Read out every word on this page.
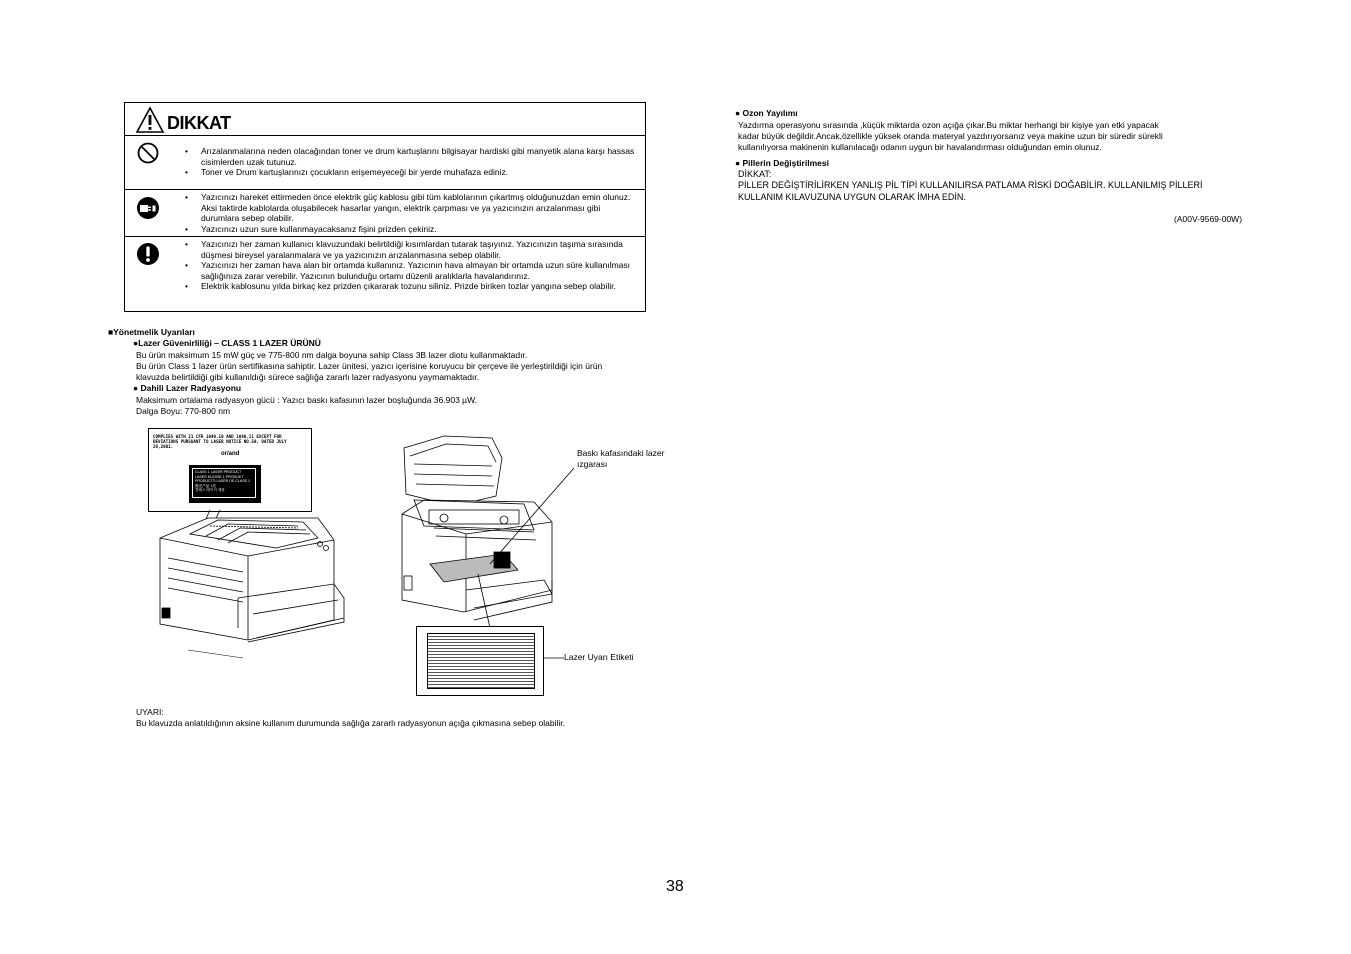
DIKKAT
• Arızalanmalarına neden olacağından toner ve drum kartuşlarını bilgisayar hardiski gibi manyetik alana karşı hassas cisimlerden uzak tutunuz.
• Toner ve Drum kartuşlarınızı çocukların erişemeyeceği bir yerde muhafaza ediniz.
• Yazıcınızı hareket ettirmeden önce elektrik güç kablosu gibi tüm kablolarının çıkartmış olduğunuzdan emin olunuz. Aksi taktirde kablolarda oluşabilecek hasarlar yangın, elektrik çarpması ve ya yazıcınızın arızalanması gibi durumlara sebep olabilir.
• Yazıcınızı uzun sure kullanmayacaksanız fişini prizden çekiniz.
• Yazıcınızı her zaman kullanıcı klavuzundaki belirtildiği kısımlardan tutarak taşıyınız. Yazıcınızın taşıma sırasında düşmesi bireysel yaralanmalara ve ya yazıcınızın arızalanmasına sebep olabilir.
• Yazıcınızı her zaman hava alan bir ortamda kullanınız. Yazıcının hava almayan bir ortamda uzun süre kullanılması sağlığınıza zarar verebilir. Yazıcının bulunduğu ortamı düzenli aralıklarla havalandırınız.
• Elektrik kablosunu yılda birkaç kez prizden çıkararak tozunu siliniz. Prizde biriken tozlar yangına sebep olabilir.
■Yönetmelik Uyarıları
●Lazer Güvenirliliği – CLASS 1 LAZER ÜRÜNÜ
Bu ürün maksimum 15 mW güç ve 775-800 nm dalga boyuna sahip Class 3B lazer diotu kullanmaktadır.
Bu ürün Class 1 lazer ürün sertifikasına sahiptir. Lazer ünitesi, yazıcı içerisine koruyucu bir çerçeve ile yerleştirildiği için ürün
klavuzda belirtildiği gibi kullanıldığı sürece sağlığa zararlı lazer radyasyonu yaymamaktadır.
● Dahili Lazer Radyasyonu
Maksimum ortalama radyasyon gücü : Yazıcı baskı kafasının lazer boşluğunda 36.903 µW.
Dalga Boyu: 770-800 nm
COMPLIES WITH 21 CFR 1040.10 AND 1040.11 EXCEPT FOR DEVIATIONS PURSUANT TO LASER NOTICE NO.50, DATED JULY 26,2001.
or/and
CLASS 1 LASER PRODUCT
LASER KLASSE 1 PRODUKT
PRODUCTO LASER DE CLASE 1
激光产品 1类
클래스 레이저 제품
Baskı kafasındaki lazer ızgarası
Lazer Uyarı Etiketi
UYARI:
Bu klavuzda anlatıldığının aksine kullanım durumunda sağlığa zararlı radyasyonun açığa çıkmasına sebep olabilir.
● Ozon Yayılımı
Yazdırma operasyonu sırasında ,küçük miktarda ozon açığa çıkar.Bu miktar herhangi bir kişiye yan etki yapacak
kadar büyük değildir.Ancak,özellikle yüksek oranda materyal yazdırıyorsanız veya makine uzun bir süredir sürekli
kullanılıyorsa makinenin kullanılacağı odanın uygun bir havalandırması olduğundan emin olunuz.
● Pillerin Değiştirilmesi
DİKKAT:
PİLLER DEĞİŞTİRİLİRKEN YANLIŞ PİL TİPİ KULLANILIRSA PATLAMA RİSKİ DOĞABİLİR. KULLANILMIŞ PİLLERİ
KULLANIM KILAVUZUNA UYGUN OLARAK İMHA EDİN.
(A00V-9569-00W)
38
